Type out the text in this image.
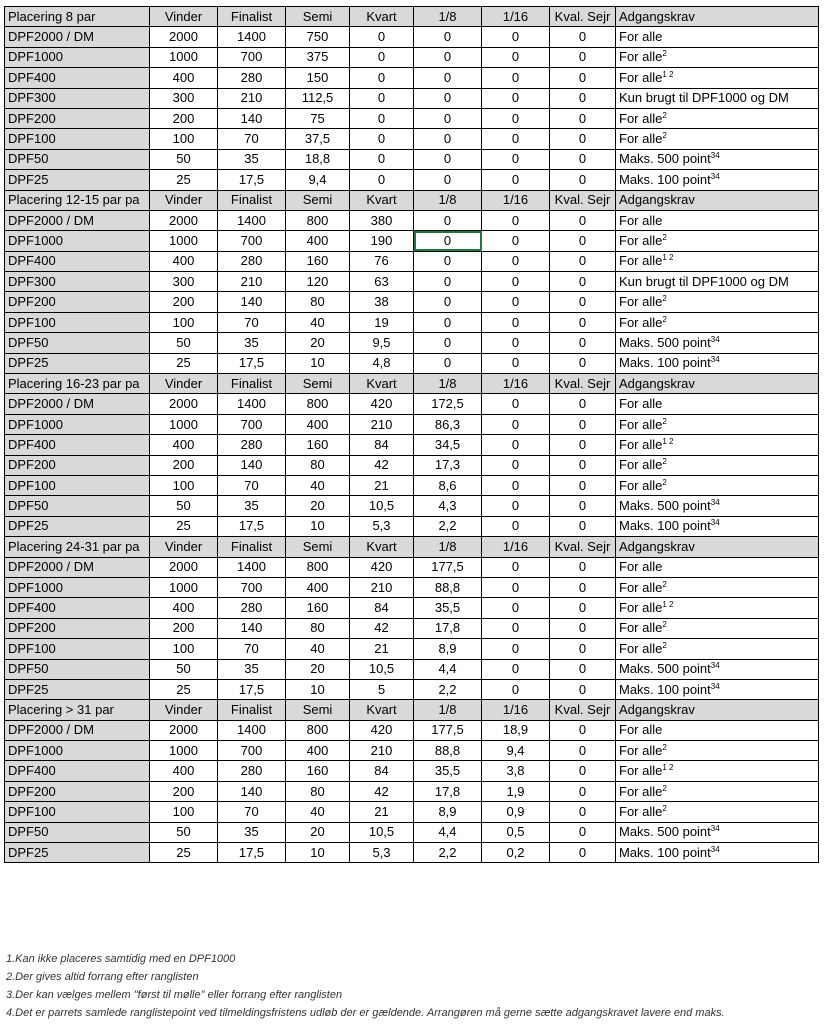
Placering 8 par	Vinder	Finalist	Semi	Kvart	1/8	1/16	Kval. Sejr	Adgangskrav
DPF2000 / DM	2000	1400	750	0	0	0	0	For alle
DPF1000	1000	700	375	0	0	0	0	For alle$^2$
DPF400	400	280	150	0	0	0	0	For alle$^{1 2}$
DPF300	300	210	112,5	0	0	0	0	Kun brugt til DPF1000 og DM
DPF200	200	140	75	0	0	0	0	For alle$^2$
DPF100	100	70	37,5	0	0	0	0	For alle$^2$
DPF50	50	35	18,8	0	0	0	0	Maks. 500 point$^{34}$
DPF25	25	17,5	9,4	0	0	0	0	Maks. 100 point$^{34}$
Placering 12-15 par pa	Vinder	Finalist	Semi	Kvart	1/8	1/16	Kval. Sejr	Adgangskrav
DPF2000 / DM	2000	1400	800	380	0	0	0	For alle
DPF1000	1000	700	400	190	0	0	0	For alle$^2$
DPF400	400	280	160	76	0	0	0	For alle$^{1 2}$
DPF300	300	210	120	63	0	0	0	Kun brugt til DPF1000 og DM
DPF200	200	140	80	38	0	0	0	For alle$^2$
DPF100	100	70	40	19	0	0	0	For alle$^2$
DPF50	50	35	20	9,5	0	0	0	Maks. 500 point$^{34}$
DPF25	25	17,5	10	4,8	0	0	0	Maks. 100 point$^{34}$
Placering 16-23 par pa	Vinder	Finalist	Semi	Kvart	1/8	1/16	Kval. Sejr	Adgangskrav
DPF2000 / DM	2000	1400	800	420	172,5	0	0	For alle
DPF1000	1000	700	400	210	86,3	0	0	For alle$^2$
DPF400	400	280	160	84	34,5	0	0	For alle$^{1 2}$
DPF200	200	140	80	42	17,3	0	0	For alle$^2$
DPF100	100	70	40	21	8,6	0	0	For alle$^2$
DPF50	50	35	20	10,5	4,3	0	0	Maks. 500 point$^{34}$
DPF25	25	17,5	10	5,3	2,2	0	0	Maks. 100 point$^{34}$
Placering 24-31 par pa	Vinder	Finalist	Semi	Kvart	1/8	1/16	Kval. Sejr	Adgangskrav
DPF2000 / DM	2000	1400	800	420	177,5	0	0	For alle
DPF1000	1000	700	400	210	88,8	0	0	For alle$^2$
DPF400	400	280	160	84	35,5	0	0	For alle$^{1 2}$
DPF200	200	140	80	42	17,8	0	0	For alle$^2$
DPF100	100	70	40	21	8,9	0	0	For alle$^2$
DPF50	50	35	20	10,5	4,4	0	0	Maks. 500 point$^{34}$
DPF25	25	17,5	10	5	2,2	0	0	Maks. 100 point$^{34}$
Placering > 31 par	Vinder	Finalist	Semi	Kvart	1/8	1/16	Kval. Sejr	Adgangskrav
DPF2000 / DM	2000	1400	800	420	177,5	18,9	0	For alle
DPF1000	1000	700	400	210	88,8	9,4	0	For alle$^2$
DPF400	400	280	160	84	35,5	3,8	0	For alle$^{1 2}$
DPF200	200	140	80	42	17,8	1,9	0	For alle$^2$
DPF100	100	70	40	21	8,9	0,9	0	For alle$^2$
DPF50	50	35	20	10,5	4,4	0,5	0	Maks. 500 point$^{34}$
DPF25	25	17,5	10	5,3	2,2	0,2	0	Maks. 100 point$^{34}$
1.Kan ikke placeres samtidig med en DPF1000
2.Der gives altid forrang efter ranglisten
3.Der kan vælges mellem "først til mølle" eller forrang efter ranglisten
4.Det er parrets samlede ranglistepoint ved tilmeldingsfristens udløb der er gældende. Arrangøren må gerne sætte adgangskravet lavere end maks.
